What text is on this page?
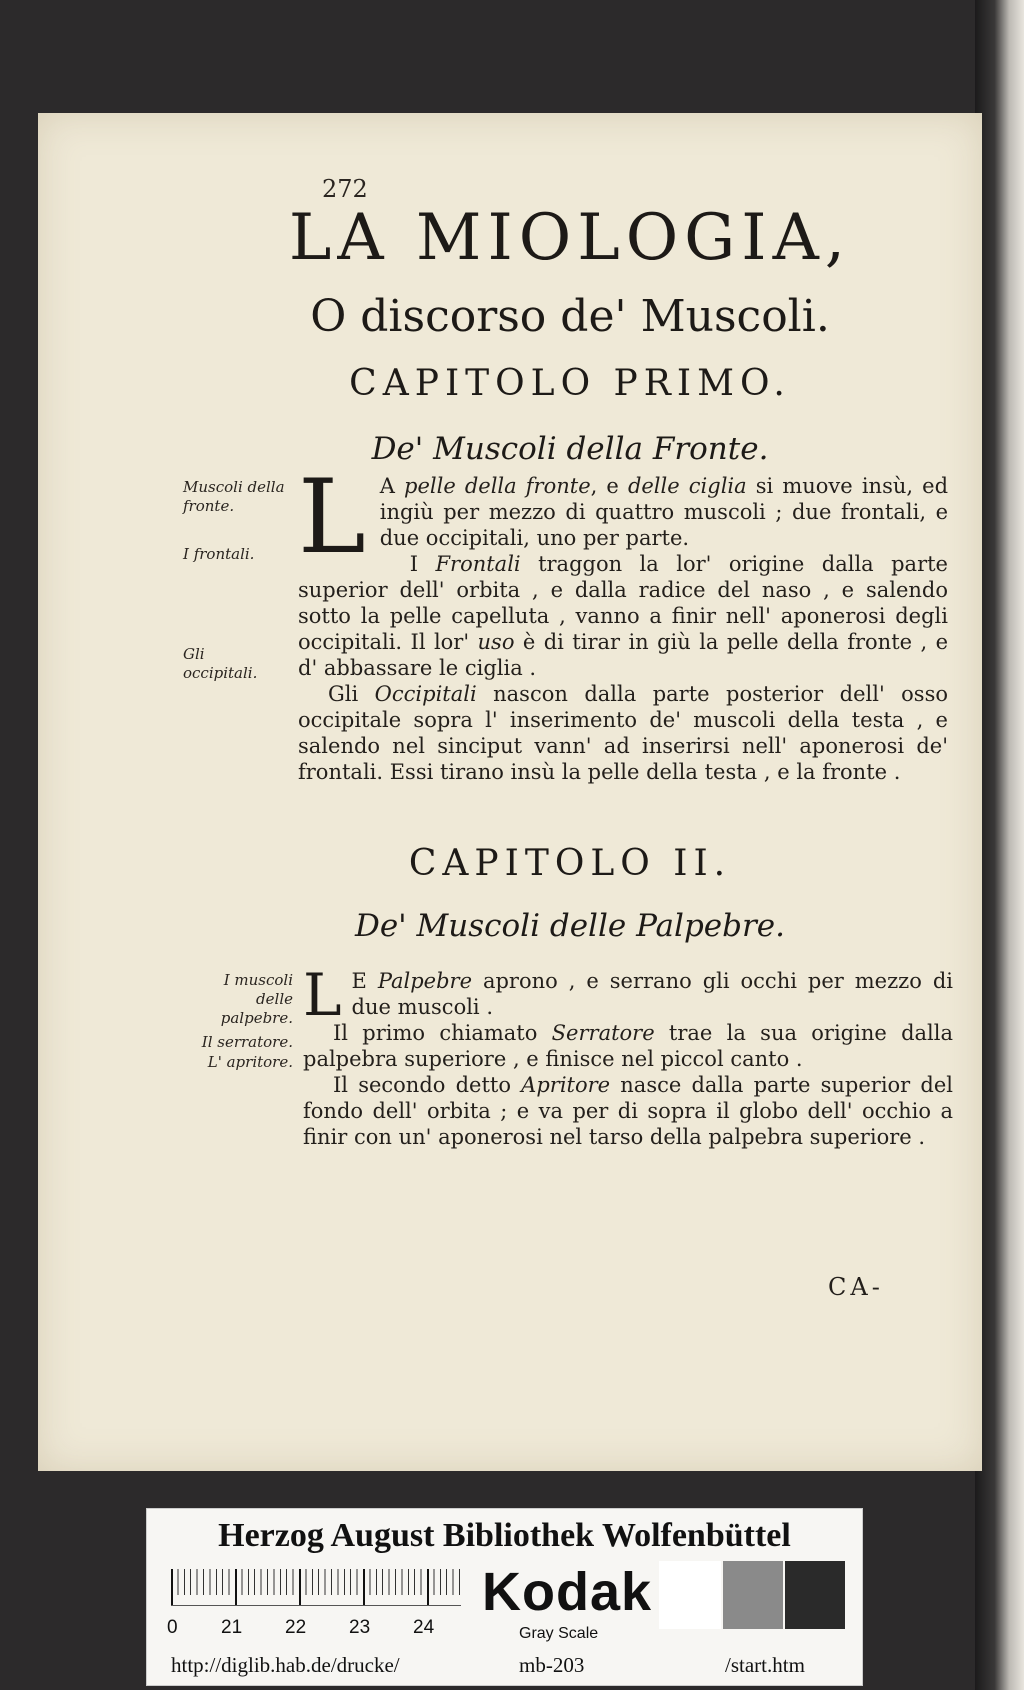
272
LA MIOLOGIA,
O discorso de' Muscoli.
CAPITOLO PRIMO.
De' Muscoli della Fronte.
Muscoli della fronte.
I frontali.
Gli occipitali.
L A pelle della fronte, e delle ciglia si muove insù, ed ingiù per mezzo di quattro muscoli ; due frontali, e due occipitali, uno per parte.

I Frontali traggon la lor' origine dalla parte superior dell' orbita , e dalla radice del naso , e salendo sotto la pelle capelluta , vanno a finir nell' aponerosi degli occipitali. Il lor' uso è di tirar in giù la pelle della fronte , e d' abbassare le ciglia .

Gli Occipitali nascon dalla parte posterior dell' osso occipitale sopra l' inserimento de' muscoli della testa , e salendo nel sinciput vann' ad inserirsi nell' aponerosi de' frontali. Essi tirano insù la pelle della testa , e la fronte .

CAPITOLO II.
De' Muscoli delle Palpebre.
I muscoli delle palpebre.
Il serratore.
L' apritore.
L E Palpebre aprono , e serrano gli occhi per mezzo di due muscoli .

Il primo chiamato Serratore trae la sua origine dalla palpebra superiore , e finisce nel piccol canto .

Il secondo detto Apritore nasce dalla parte superior del fondo dell' orbita ; e va per di sopra il globo dell' occhio a finir con un' aponerosi nel tarso della palpebra superiore .

CA-
Herzog August Bibliothek Wolfenbüttel
0 21 22 23 24
Kodak
Gray Scale
http://diglib.hab.de/drucke/	mb-203	/start.htm
